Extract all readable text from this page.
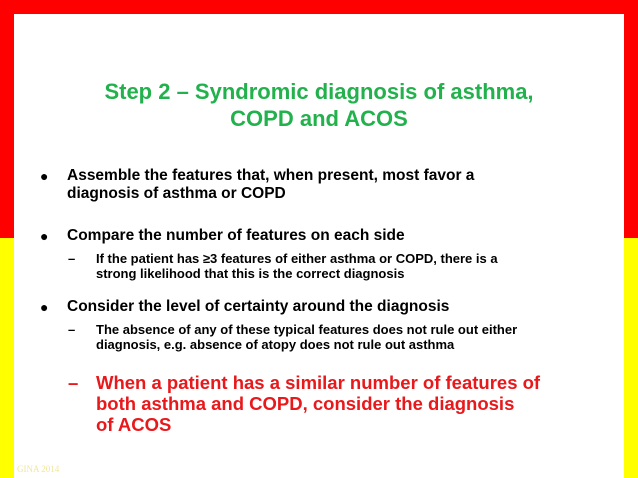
Step 2 – Syndromic diagnosis of asthma,
COPD and ACOS
●	Assemble the features that, when present, most favor a
diagnosis of asthma or COPD
●	Compare the number of features on each side
– If the patient has ≥3 features of either asthma or COPD, there is a
strong likelihood that this is the correct diagnosis
●	Consider the level of certainty around the diagnosis
– The absence of any of these typical features does not rule out either
diagnosis, e.g. absence of atopy does not rule out asthma
– When a patient has a similar number of features of
both asthma and COPD, consider the diagnosis
of ACOS
GINA 2014
